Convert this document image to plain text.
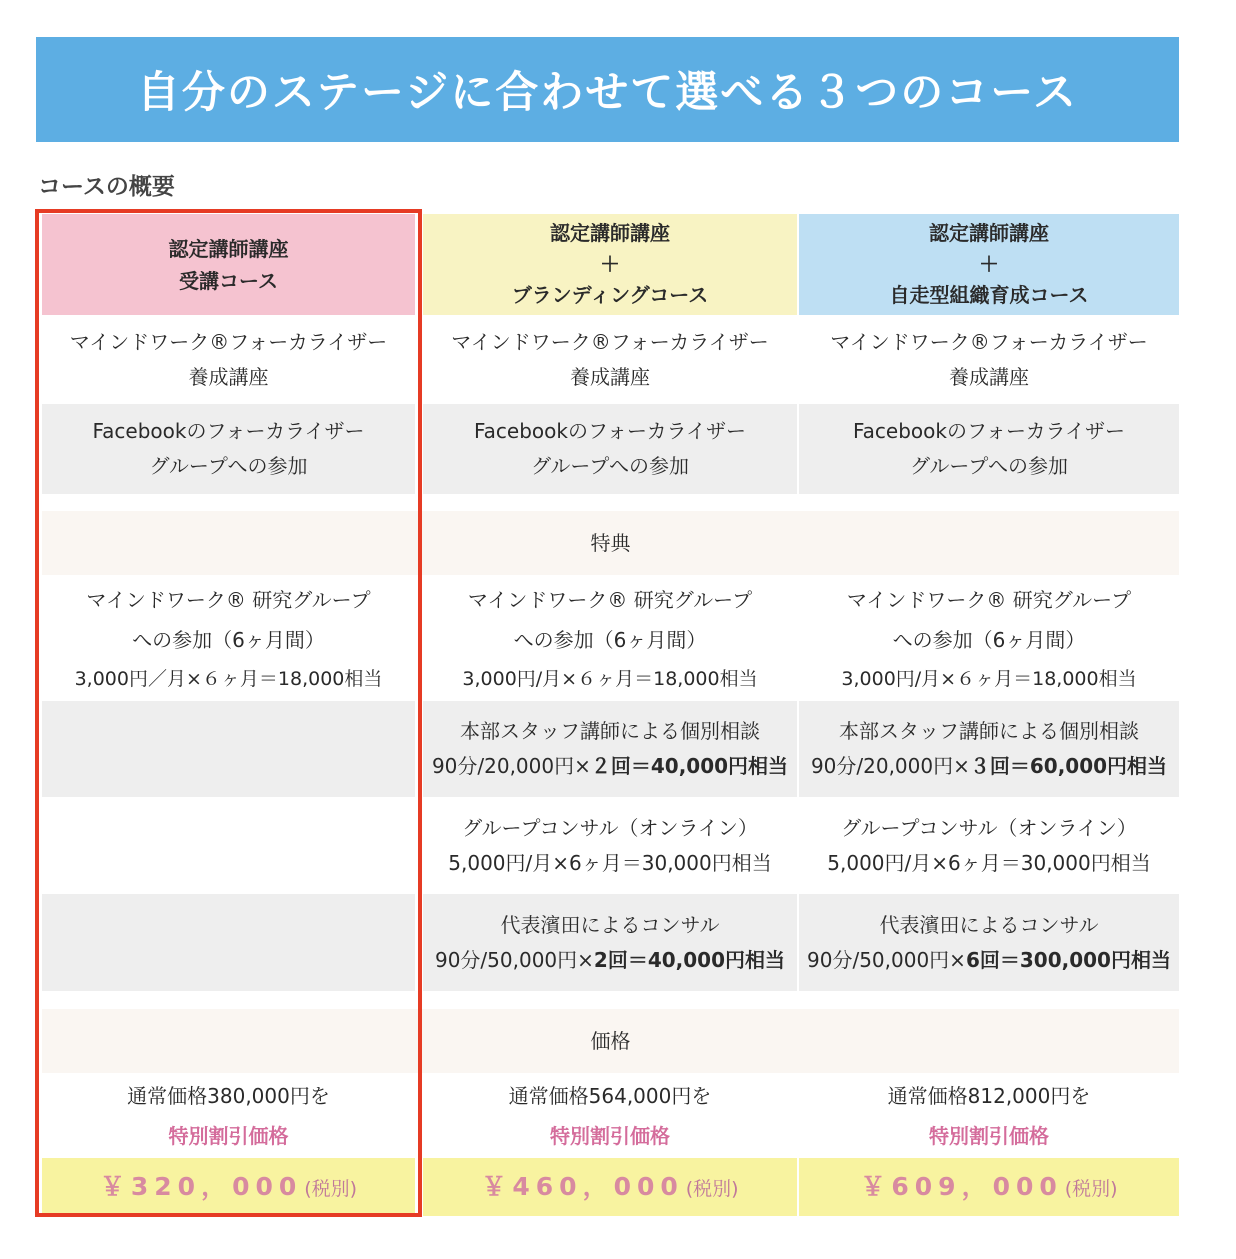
自分のステージに合わせて選べる３つのコース
コースの概要
認定講師講座
受講コース
認定講師講座
＋
ブランディングコース
認定講師講座
＋
自走型組織育成コース
マインドワーク®フォーカライザー
養成講座
マインドワーク®フォーカライザー
養成講座
マインドワーク®フォーカライザー
養成講座
Facebookのフォーカライザー
グループへの参加
Facebookのフォーカライザー
グループへの参加
Facebookのフォーカライザー
グループへの参加
特典
マインドワーク® 研究グループ
への参加（6ヶ月間）
3,000円／月×６ヶ月＝18,000相当
マインドワーク® 研究グループ
への参加（6ヶ月間）
3,000円/月×６ヶ月＝18,000相当
マインドワーク® 研究グループ
への参加（6ヶ月間）
3,000円/月×６ヶ月＝18,000相当
本部スタッフ講師による個別相談
90分/20,000円×２回＝40,000円相当
本部スタッフ講師による個別相談
90分/20,000円×３回＝60,000円相当
グループコンサル（オンライン）
5,000円/月×6ヶ月＝30,000円相当
グループコンサル（オンライン）
5,000円/月×6ヶ月＝30,000円相当
代表濱田によるコンサル
90分/50,000円×2回＝40,000円相当
代表濱田によるコンサル
90分/50,000円×6回＝300,000円相当
価格
通常価格380,000円を
特別割引価格
通常価格564,000円を
特別割引価格
通常価格812,000円を
特別割引価格
￥320，000 (税別)	￥460，000 (税別)	￥609，000 (税別)
